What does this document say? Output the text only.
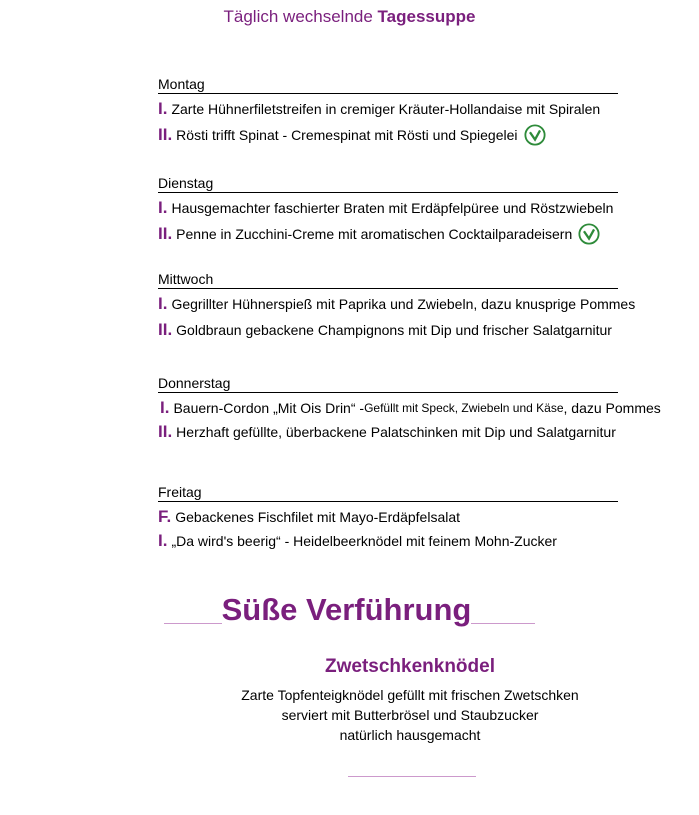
Täglich wechselnde Tagessuppe
Montag
I. Zarte Hühnerfiletstreifen in cremiger Kräuter-Hollandaise mit Spiralen
II. Rösti trifft Spinat - Cremespinat mit Rösti und Spiegelei
Dienstag
I. Hausgemachter faschierter Braten mit Erdäpfelpüree und Röstzwiebeln
II. Penne in Zucchini-Creme mit aromatischen Cocktailparadeisern
Mittwoch
I. Gegrillter Hühnerspieß mit Paprika und Zwiebeln, dazu knusprige Pommes
II. Goldbraun gebackene Champignons mit Dip und frischer Salatgarnitur
Donnerstag
I. Bauern-Cordon „Mit Ois Drin“ - Gefüllt mit Speck, Zwiebeln und Käse , dazu Pommes
II. Herzhaft gefüllte, überbackene Palatschinken mit Dip und Salatgarnitur
Freitag
F. Gebackenes Fischfilet mit Mayo-Erdäpfelsalat
I. „Da wird's beerig“ - Heidelbeerknödel mit feinem Mohn-Zucker
Süße Verführung
Zwetschkenknödel
Zarte Topfenteigknödel gefüllt mit frischen Zwetschken
serviert mit Butterbrösel und Staubzucker
natürlich hausgemacht
